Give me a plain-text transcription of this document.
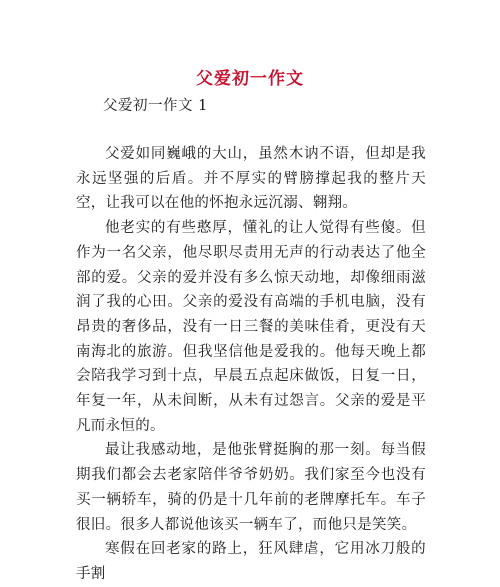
父爱初一作文
父爱初一作文 1

父爱如同巍峨的大山，虽然木讷不语，但却是我永远坚强的后盾。并不厚实的臂膀撑起我的整片天空，让我可以在他的怀抱永远沉溺、翱翔。

他老实的有些憨厚，懂礼的让人觉得有些傻。但作为一名父亲，他尽职尽责用无声的行动表达了他全部的爱。父亲的爱并没有多么惊天动地，却像细雨滋润了我的心田。父亲的爱没有高端的手机电脑，没有昂贵的奢侈品，没有一日三餐的美味佳肴，更没有天南海北的旅游。但我坚信他是爱我的。他每天晚上都会陪我学习到十点，早晨五点起床做饭，日复一日，年复一年，从未间断，从未有过怨言。父亲的爱是平凡而永恒的。

最让我感动地，是他张臂挺胸的那一刻。每当假期我们都会去老家陪伴爷爷奶奶。我们家至今也没有买一辆轿车，骑的仍是十几年前的老牌摩托车。车子很旧。很多人都说他该买一辆车了，而他只是笑笑。

寒假在回老家的路上，狂风肆虐，它用冰刀般的手割
